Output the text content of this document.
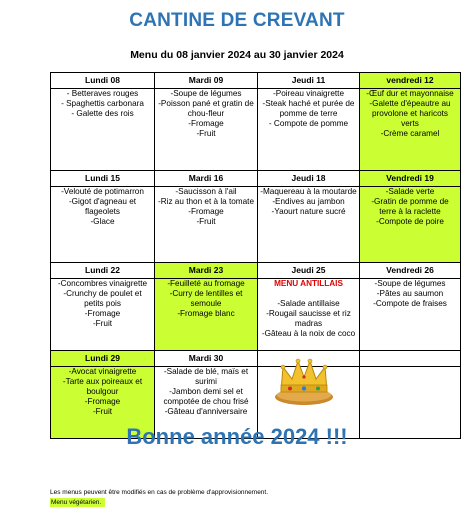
CANTINE DE CREVANT
Menu du 08 janvier 2024 au 30 janvier 2024
Lundi 08	Mardi 09	Jeudi 11	vendredi 12

- Betteraves rouges
- Spaghettis carbonara
- Galette des rois	-Soupe de légumes
-Poisson pané et gratin de chou-fleur
-Fromage
-Fruit	-Poireau vinaigrette
-Steak haché et purée de pomme de terre
- Compote de pomme	-Œuf dur et mayonnaise
-Galette d'épeautre au provolone et haricots verts
-Crème caramel

Lundi 15	Mardi 16	Jeudi 18	Vendredi 19

-Velouté de potimarron
-Gigot d'agneau et flageolets
-Glace	-Saucisson à l'ail
-Riz au thon et à la tomate
-Fromage
-Fruit	-Maquereau à la moutarde
-Endives au jambon
-Yaourt nature sucré	-Salade verte
-Gratin de pomme de terre à la raclette
-Compote de poire

Lundi 22	Mardi 23	Jeudi 25	Vendredi 26

-Concombres vinaigrette
-Crunchy de poulet et petits pois
-Fromage
-Fruit	-Feuilleté au fromage
-Curry de lentilles et semoule
-Fromage blanc	MENU ANTILLAIS
-Salade antillaise
-Rougail saucisse et riz madras
-Gâteau à la noix de coco	-Soupe de légumes
-Pâtes au saumon
-Compote de fraises

Lundi 29	Mardi 30		

-Avocat vinaigrette
-Tarte aux poireaux et boulgour
-Fromage
-Fruit	-Salade de blé, maïs et surimi
-Jambon demi sel et compotée de chou frisé
-Gâteau d'anniversaire		

Bonne année 2024 !!!
Les menus peuvent être modifiés en cas de problème d'approvisionnement.
Menu végétarien.
